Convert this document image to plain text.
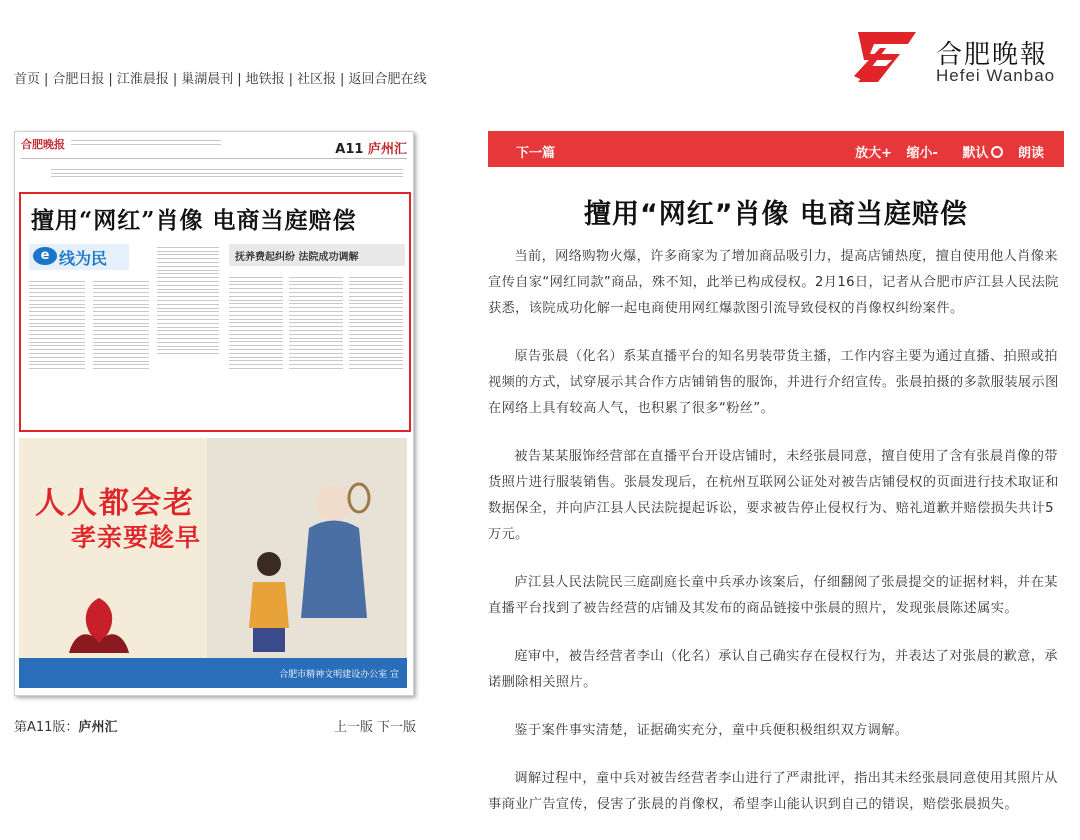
首页 | 合肥日报 | 江淮晨报 | 巢湖晨刊 | 地铁报 | 社区报 | 返回合肥在线
合肥晚報
Hefei Wanbao
合肥晚报	A11 庐州汇
擅用“网红”肖像 电商当庭赔偿
e 线为民	抚养费起纠纷 法院成功调解
人人都会老
孝亲要趁早
合肥市精神文明建设办公室 宣
第A11版：庐州汇	上一版 下一版
下一篇	放大+ 缩小- 默认 朗读
擅用“网红”肖像 电商当庭赔偿

当前，网络购物火爆，许多商家为了增加商品吸引力，提高店铺热度，擅自使用他人肖像来宣传自家“网红同款”商品，殊不知，此举已构成侵权。2月16日，记者从合肥市庐江县人民法院获悉，该院成功化解一起电商使用网红爆款图引流导致侵权的肖像权纠纷案件。

原告张晨（化名）系某直播平台的知名男装带货主播，工作内容主要为通过直播、拍照或拍视频的方式，试穿展示其合作方店铺销售的服饰，并进行介绍宣传。张晨拍摄的多款服装展示图在网络上具有较高人气，也积累了很多“粉丝”。

被告某某服饰经营部在直播平台开设店铺时，未经张晨同意，擅自使用了含有张晨肖像的带货照片进行服装销售。张晨发现后，在杭州互联网公证处对被告店铺侵权的页面进行技术取证和数据保全，并向庐江县人民法院提起诉讼，要求被告停止侵权行为、赔礼道歉并赔偿损失共计5万元。

庐江县人民法院民三庭副庭长童中兵承办该案后，仔细翻阅了张晨提交的证据材料，并在某直播平台找到了被告经营的店铺及其发布的商品链接中张晨的照片，发现张晨陈述属实。

庭审中，被告经营者李山（化名）承认自己确实存在侵权行为，并表达了对张晨的歉意，承诺删除相关照片。

鉴于案件事实清楚，证据确实充分，童中兵便积极组织双方调解。

调解过程中，童中兵对被告经营者李山进行了严肃批评，指出其未经张晨同意使用其照片从事商业广告宣传，侵害了张晨的肖像权，希望李山能认识到自己的错误，赔偿张晨损失。
